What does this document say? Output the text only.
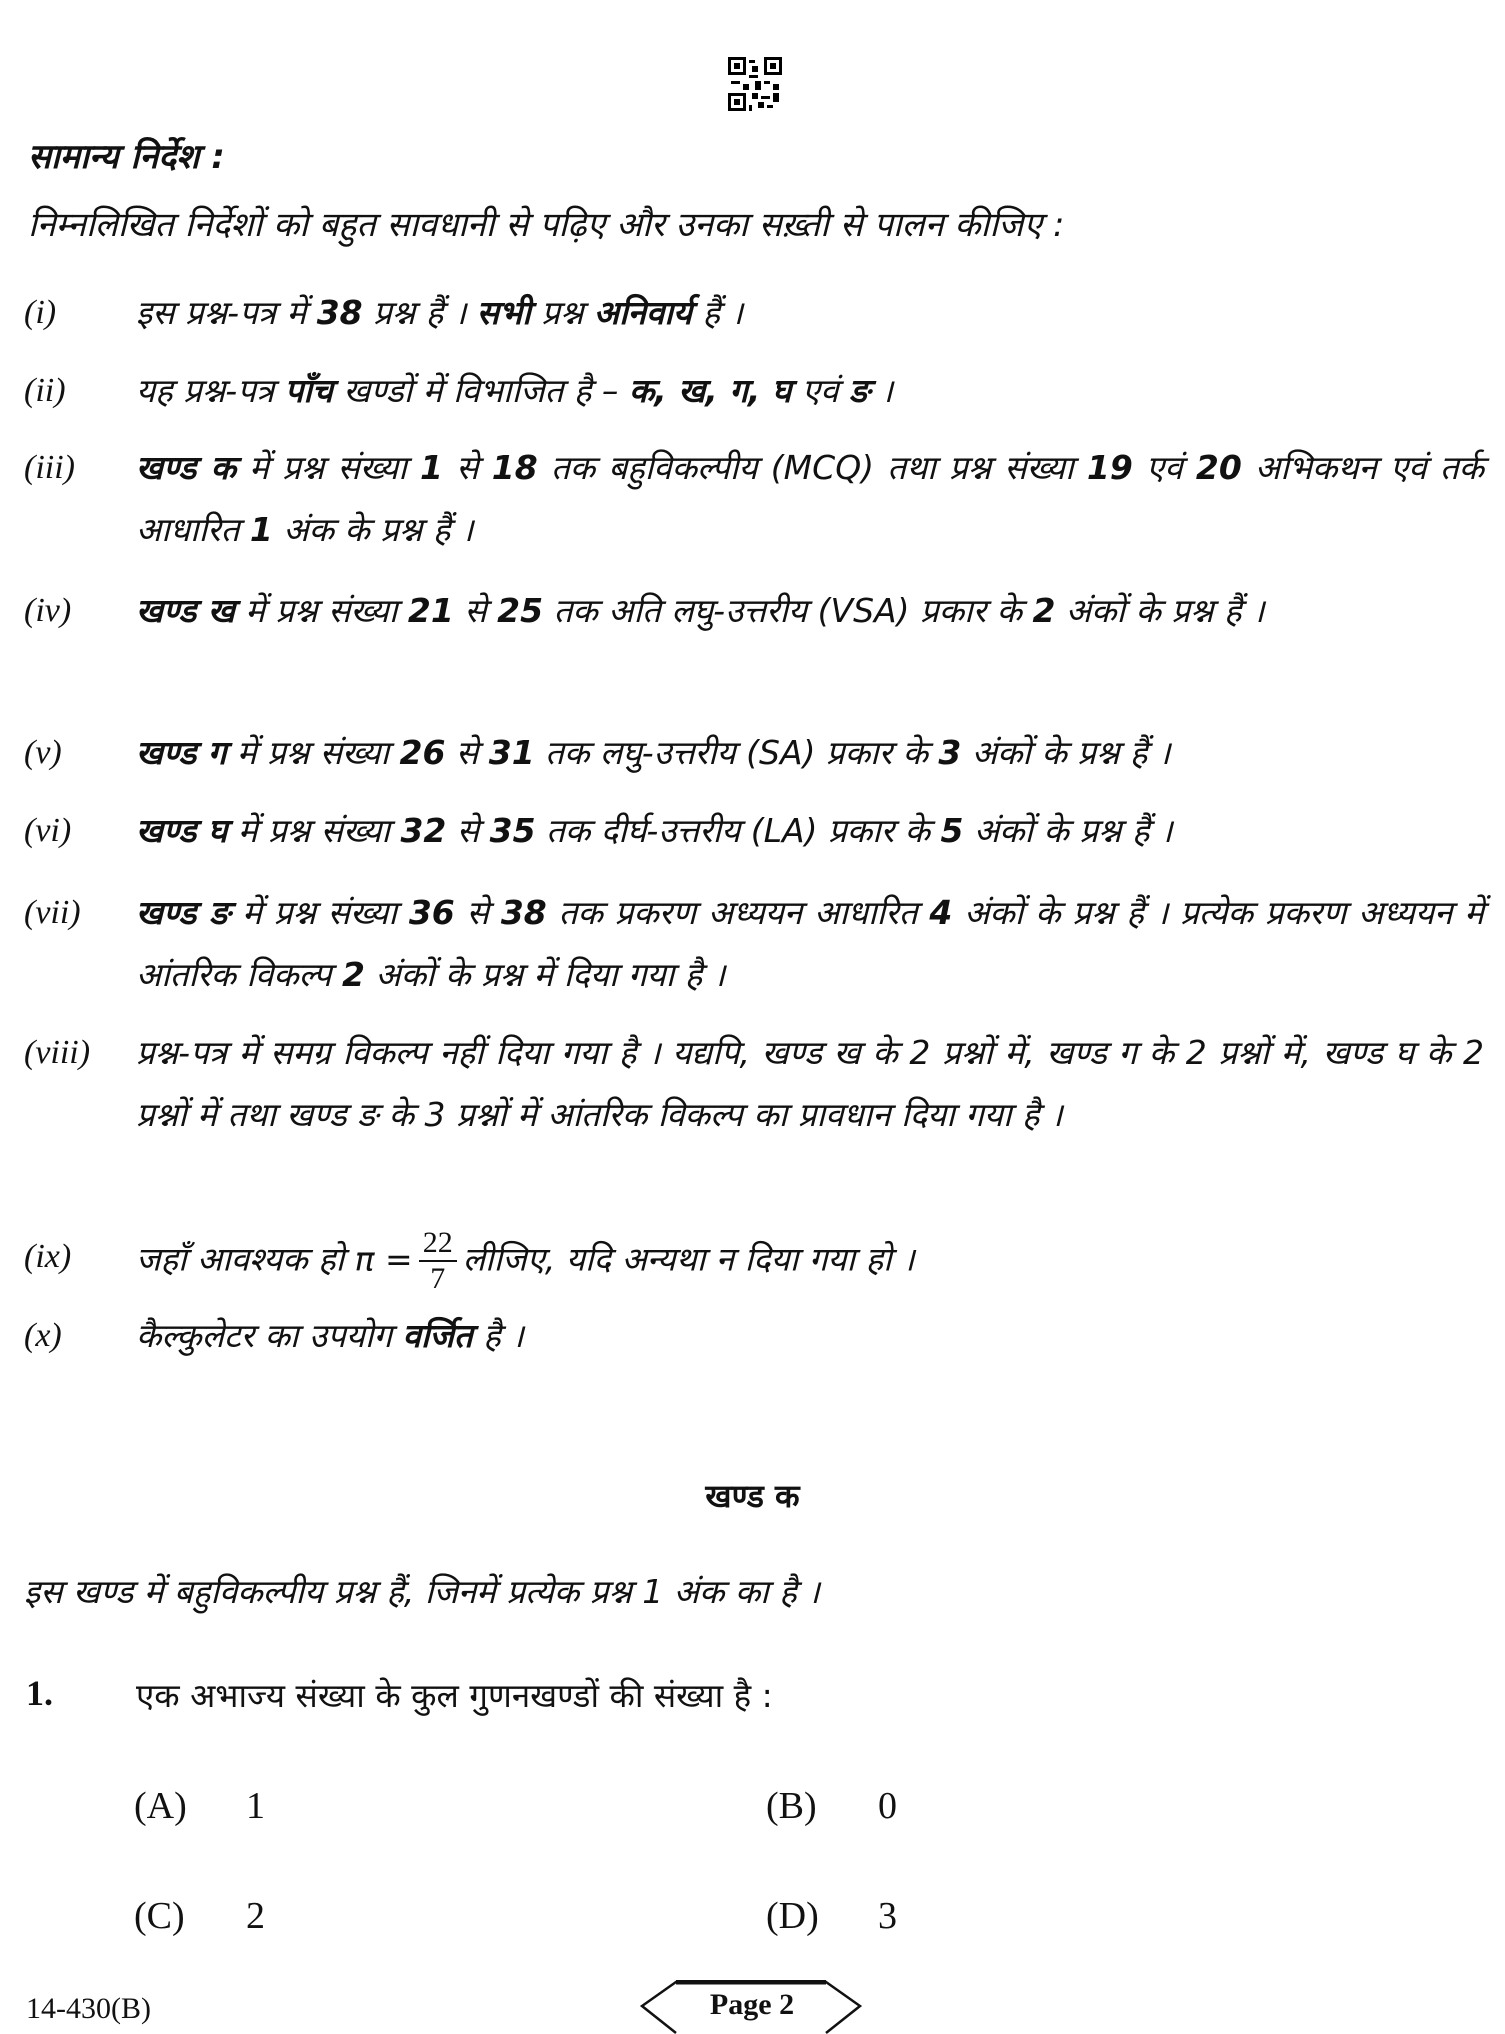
सामान्य निर्देश :
निम्नलिखित निर्देशों को बहुत सावधानी से पढ़िए और उनका सख़्ती से पालन कीजिए :
(i) इस प्रश्न-पत्र में 38 प्रश्न हैं । सभी प्रश्न अनिवार्य हैं ।
(ii) यह प्रश्न-पत्र पाँच खण्डों में विभाजित है – क, ख, ग, घ एवं ङ ।
(iii) खण्ड क में प्रश्न संख्या 1 से 18 तक बहुविकल्पीय (MCQ) तथा प्रश्न संख्या 19 एवं 20 अभिकथन एवं तर्क आधारित 1 अंक के प्रश्न हैं ।
(iv) खण्ड ख में प्रश्न संख्या 21 से 25 तक अति लघु-उत्तरीय (VSA) प्रकार के 2 अंकों के प्रश्न हैं ।
(v) खण्ड ग में प्रश्न संख्या 26 से 31 तक लघु-उत्तरीय (SA) प्रकार के 3 अंकों के प्रश्न हैं ।
(vi) खण्ड घ में प्रश्न संख्या 32 से 35 तक दीर्घ-उत्तरीय (LA) प्रकार के 5 अंकों के प्रश्न हैं ।
(vii) खण्ड ङ में प्रश्न संख्या 36 से 38 तक प्रकरण अध्ययन आधारित 4 अंकों के प्रश्न हैं । प्रत्येक प्रकरण अध्ययन में आंतरिक विकल्प 2 अंकों के प्रश्न में दिया गया है ।
(viii) प्रश्न-पत्र में समग्र विकल्प नहीं दिया गया है । यद्यपि, खण्ड ख के 2 प्रश्नों में, खण्ड ग के 2 प्रश्नों में, खण्ड घ के 2 प्रश्नों में तथा खण्ड ङ के 3 प्रश्नों में आंतरिक विकल्प का प्रावधान दिया गया है ।
(ix) जहाँ आवश्यक हो $\pi = \frac{22}{7}$ लीजिए, यदि अन्यथा न दिया गया हो ।
(x) कैल्कुलेटर का उपयोग वर्जित है ।
खण्ड क
इस खण्ड में बहुविकल्पीय प्रश्न हैं, जिनमें प्रत्येक प्रश्न 1 अंक का है ।
1.	एक अभाज्य संख्या के कुल गुणनखण्डों की संख्या है :
(A) 1	(B) 0
(C) 2	(D) 3
14-430(B)	Page 2
